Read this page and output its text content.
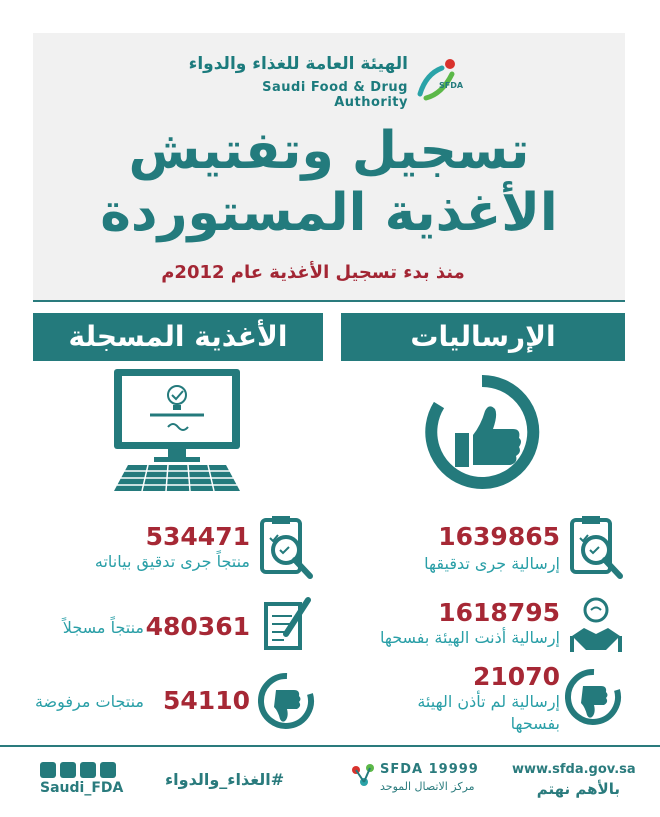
الهيئة العامة للغذاء والدواء
Saudi Food & Drug Authority
SFDA
تسجيل وتفتيش
الأغذية المستوردة
منذ بدء تسجيل الأغذية عام 2012م
الأغذية المسجلة	الإرساليات
1639865
إرسالية جرى تدقيقها
1618795
إرسالية أذنت الهيئة بفسحها
21070
إرسالية لم تأذن الهيئة
بفسحها
534471
منتجاً جرى تدقيق بياناته
480361
منتجاً مسجلاً
54110
منتجات مرفوضة
Saudi_FDA	#الغذاء_والدواء
SFDA 19999
مركز الاتصال الموحد
www.sfda.gov.sa
بالأهم نهتم
